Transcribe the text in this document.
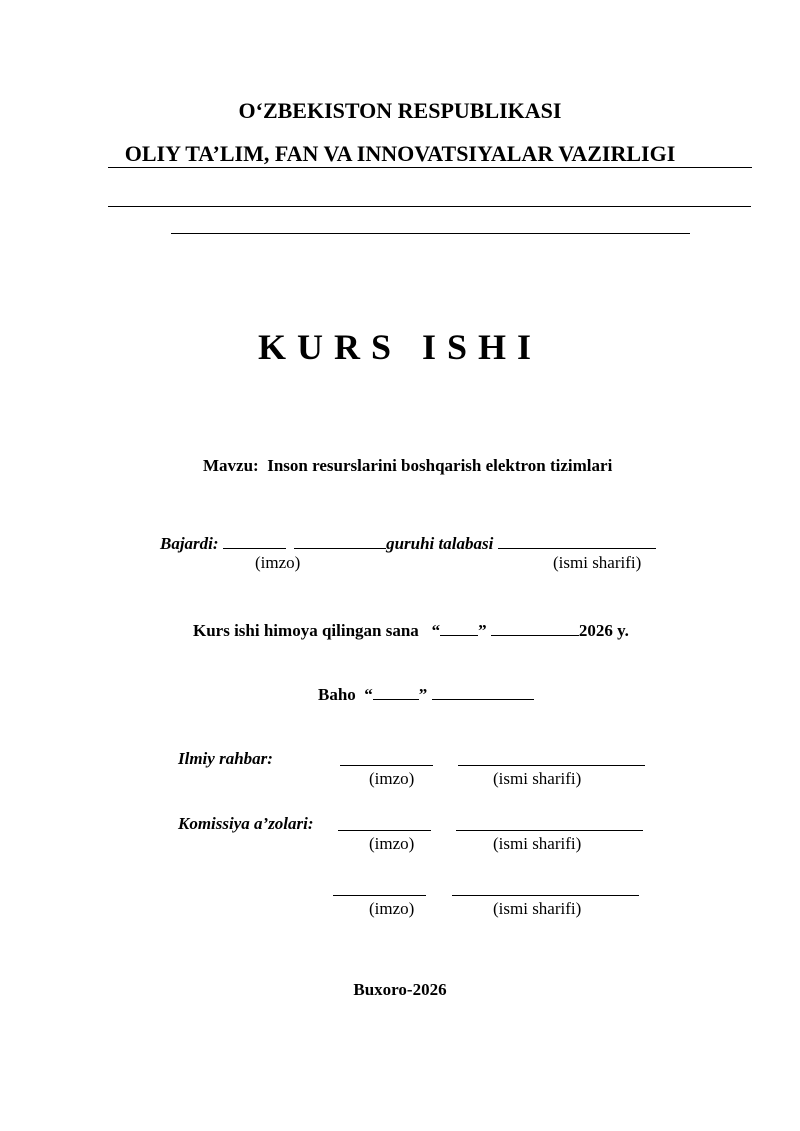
O‘ZBEKISTON RESPUBLIKASI
OLIY TA’LIM, FAN VA INNOVATSIYALAR VAZIRLIGI
KURS ISHI
Mavzu: Inson resurslarini boshqarish elektron tizimlari
Bajardi:	guruhi talabasi
(imzo)	(ismi sharifi)
Kurs ishi himoya qilingan sana “ ”	2026 y.
Baho “	”
Ilmiy rahbar:
(imzo)	(ismi sharifi)
Komissiya a’zolari:
(imzo)	(ismi sharifi)
(imzo)	(ismi sharifi)
Buxoro-2026
